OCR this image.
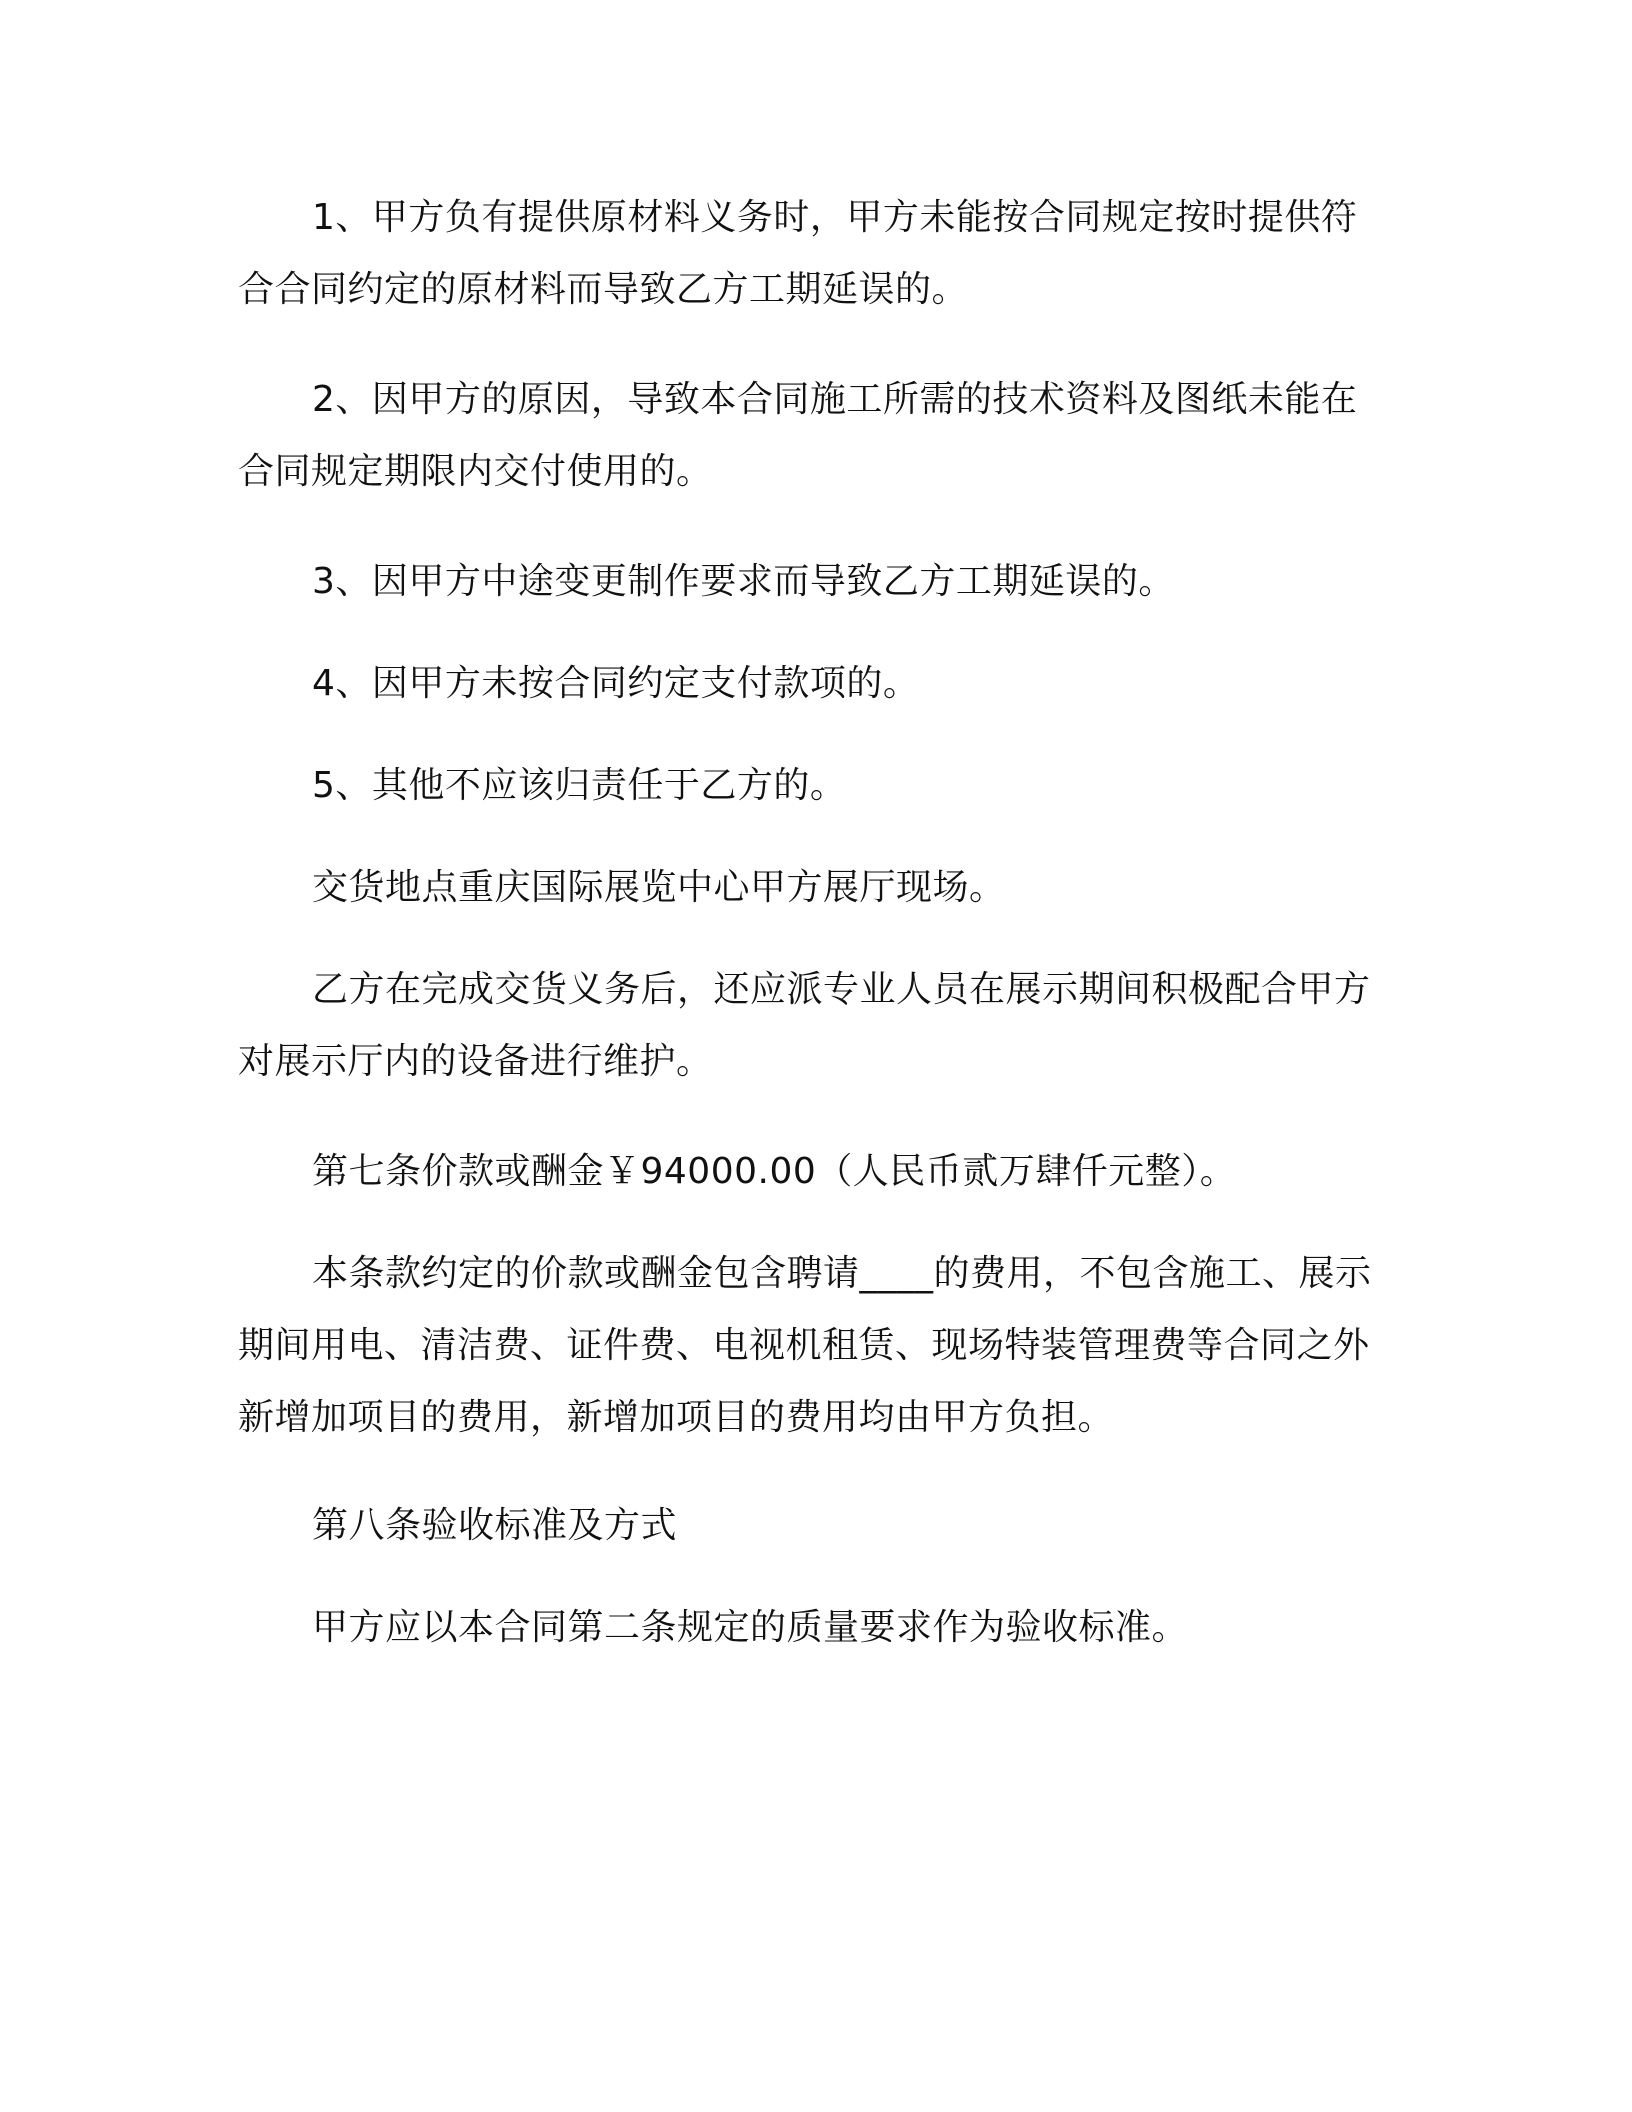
1、甲方负有提供原材料义务时，甲方未能按合同规定按时提供符合合同约定的原材料而导致乙方工期延误的。

2、因甲方的原因，导致本合同施工所需的技术资料及图纸未能在合同规定期限内交付使用的。

3、因甲方中途变更制作要求而导致乙方工期延误的。

4、因甲方未按合同约定支付款项的。

5、其他不应该归责任于乙方的。

交货地点重庆国际展览中心甲方展厅现场。

乙方在完成交货义务后，还应派专业人员在展示期间积极配合甲方对展示厅内的设备进行维护。

第七条价款或酬金￥94000.00（人民币贰万肆仟元整）。

本条款约定的价款或酬金包含聘请____的费用，不包含施工、展示期间用电、清洁费、证件费、电视机租赁、现场特装管理费等合同之外新增加项目的费用，新增加项目的费用均由甲方负担。

第八条验收标准及方式

甲方应以本合同第二条规定的质量要求作为验收标准。
